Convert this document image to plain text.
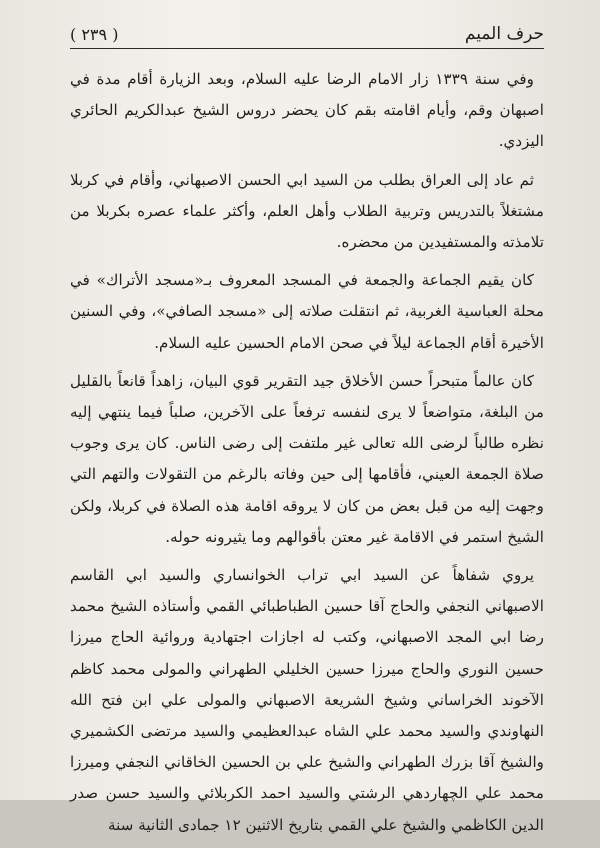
حرف الميم
( ٢٣٩ )

وفي سنة ١٣٣٩ زار الامام الرضا عليه السلام، وبعد الزيارة أقام مدة في اصبهان وقم، وأيام اقامته بقم كان يحضر دروس الشيخ عبدالكريم الحائري اليزدي.

ثم عاد إلى العراق بطلب من السيد ابي الحسن الاصبهاني، وأقام في كربلا مشتغلاً بالتدريس وتربية الطلاب وأهل العلم، وأكثر علماء عصره بكربلا من تلامذته والمستفيدين من محضره.

كان يقيم الجماعة والجمعة في المسجد المعروف بـ«مسجد الأتراك» في محلة العباسية الغربية، ثم انتقلت صلاته إلى «مسجد الصافي»، وفي السنين الأخيرة أقام الجماعة ليلاً في صحن الامام الحسين عليه السلام.

كان عالماً متبحراً حسن الأخلاق جيد التقرير قوي البيان، زاهداً قانعاً بالقليل من البلغة، متواضعاً لا يرى لنفسه ترفعاً على الآخرين، صلباً فيما ينتهي إليه نظره طالباً لرضى الله تعالى غير ملتفت إلى رضى الناس. كان يرى وجوب صلاة الجمعة العيني، فأقامها إلى حين وفاته بالرغم من التقولات والتهم التي وجهت إليه من قبل بعض من كان لا يروقه اقامة هذه الصلاة في كربلا، ولكن الشيخ استمر في الاقامة غير معتن بأقوالهم وما يثيرونه حوله.

يروي شفاهاً عن السيد ابي تراب الخوانساري والسيد ابي القاسم الاصبهاني النجفي والحاج آقا حسين الطباطبائي القمي وأستاذه الشيخ محمد رضا ابي المجد الاصبهاني، وكتب له اجازات اجتهادية وروائية الحاج ميرزا حسين النوري والحاج ميرزا حسين الخليلي الطهراني والمولى محمد كاظم الآخوند الخراساني وشيخ الشريعة الاصبهاني والمولى علي ابن فتح الله النهاوندي والسيد محمد علي الشاه عبدالعظيمي والسيد مرتضى الكشميري والشيخ آقا بزرك الطهراني والشيخ علي بن الحسين الخاقاني النجفي وميرزا محمد علي الچهاردهي الرشتي والسيد احمد الكربلائي والسيد حسن صدر الدين الكاظمي والشيخ علي القمي بتاريخ الاثنين ١٢ جمادى الثانية سنة
